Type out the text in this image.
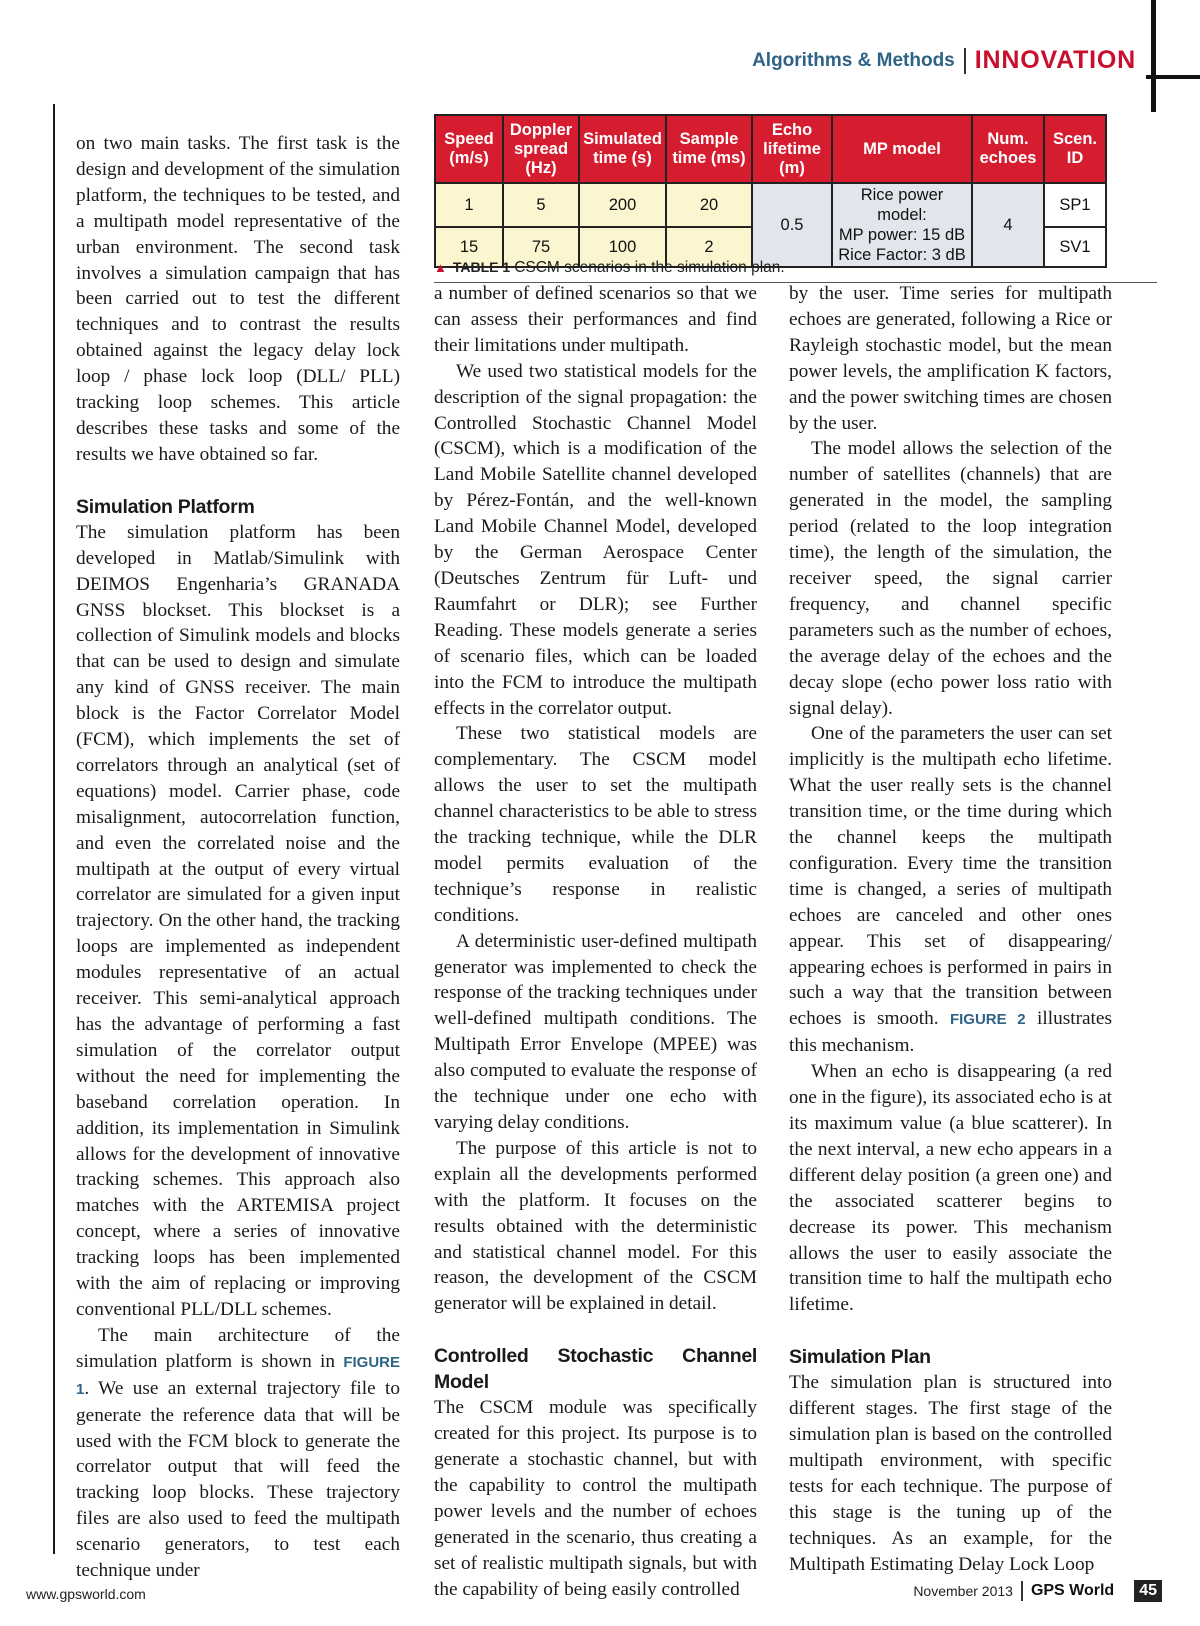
Algorithms & Methods INNOVATION
Speed (m/s)	Doppler spread (Hz)	Simulated time (s)	Sample time (ms)	Echo lifetime (m)	MP model	Num. echoes	Scen. ID
1	5	200	20	0.5	Rice power model:
MP power: 15 dB
Rice Factor: 3 dB	4	SP1
15	75	100	2				SV1
▲ TABLE 1 CSCM scenarios in the simulation plan.

on two main tasks. The first task is the design and development of the simulation platform, the techniques to be tested, and a multipath model representative of the urban environment. The second task involves a simulation campaign that has been carried out to test the different techniques and to contrast the results obtained against the legacy delay lock loop / phase lock loop (DLL/ PLL) tracking loop schemes. This article describes these tasks and some of the results we have obtained so far.

Simulation Platform

The simulation platform has been developed in Matlab/Simulink with DEIMOS Engenharia’s GRANADA GNSS blockset. This blockset is a collection of Simulink models and blocks that can be used to design and simulate any kind of GNSS receiver. The main block is the Factor Correlator Model (FCM), which implements the set of correlators through an analytical (set of equations) model. Carrier phase, code misalignment, autocorrelation function, and even the correlated noise and the multipath at the output of every virtual correlator are simulated for a given input trajectory. On the other hand, the tracking loops are implemented as independent modules representative of an actual receiver. This semi-analytical approach has the advantage of performing a fast simulation of the correlator output without the need for implementing the baseband correlation operation. In addition, its implementation in Simulink allows for the development of innovative tracking schemes. This approach also matches with the ARTEMISA project concept, where a series of innovative tracking loops has been implemented with the aim of replacing or improving conventional PLL/DLL schemes.

The main architecture of the simulation platform is shown in FIGURE 1. We use an external trajectory file to generate the reference data that will be used with the FCM block to generate the correlator output that will feed the tracking loop blocks. These trajectory files are also used to feed the multipath scenario generators, to test each technique under

a number of defined scenarios so that we can assess their performances and find their limitations under multipath.

We used two statistical models for the description of the signal propagation: the Controlled Stochastic Channel Model (CSCM), which is a modification of the Land Mobile Satellite channel developed by Pérez-Fontán, and the well-known Land Mobile Channel Model, developed by the German Aerospace Center (Deutsches Zentrum für Luft- und Raumfahrt or DLR); see Further Reading. These models generate a series of scenario files, which can be loaded into the FCM to introduce the multipath effects in the correlator output.

These two statistical models are complementary. The CSCM model allows the user to set the multipath channel characteristics to be able to stress the tracking technique, while the DLR model permits evaluation of the technique’s response in realistic conditions.

A deterministic user-defined multipath generator was implemented to check the response of the tracking techniques under well-defined multipath conditions. The Multipath Error Envelope (MPEE) was also computed to evaluate the response of the technique under one echo with varying delay conditions.

The purpose of this article is not to explain all the developments performed with the platform. It focuses on the results obtained with the deterministic and statistical channel model. For this reason, the development of the CSCM generator will be explained in detail.

Controlled Stochastic Channel Model

The CSCM module was specifically created for this project. Its purpose is to generate a stochastic channel, but with the capability to control the multipath power levels and the number of echoes generated in the scenario, thus creating a set of realistic multipath signals, but with the capability of being easily controlled

by the user. Time series for multipath echoes are generated, following a Rice or Rayleigh stochastic model, but the mean power levels, the amplification K factors, and the power switching times are chosen by the user.

The model allows the selection of the number of satellites (channels) that are generated in the model, the sampling period (related to the loop integration time), the length of the simulation, the receiver speed, the signal carrier frequency, and channel specific parameters such as the number of echoes, the average delay of the echoes and the decay slope (echo power loss ratio with signal delay).

One of the parameters the user can set implicitly is the multipath echo lifetime. What the user really sets is the channel transition time, or the time during which the channel keeps the multipath configuration. Every time the transition time is changed, a series of multipath echoes are canceled and other ones appear. This set of disappearing/ appearing echoes is performed in pairs in such a way that the transition between echoes is smooth. FIGURE 2 illustrates this mechanism.

When an echo is disappearing (a red one in the figure), its associated echo is at its maximum value (a blue scatterer). In the next interval, a new echo appears in a different delay position (a green one) and the associated scatterer begins to decrease its power. This mechanism allows the user to easily associate the transition time to half the multipath echo lifetime.

Simulation Plan

The simulation plan is structured into different stages. The first stage of the simulation plan is based on the controlled multipath environment, with specific tests for each technique. The purpose of this stage is the tuning up of the techniques. As an example, for the Multipath Estimating Delay Lock Loop

www.gpsworld.com	November 2013 GPS World	45
